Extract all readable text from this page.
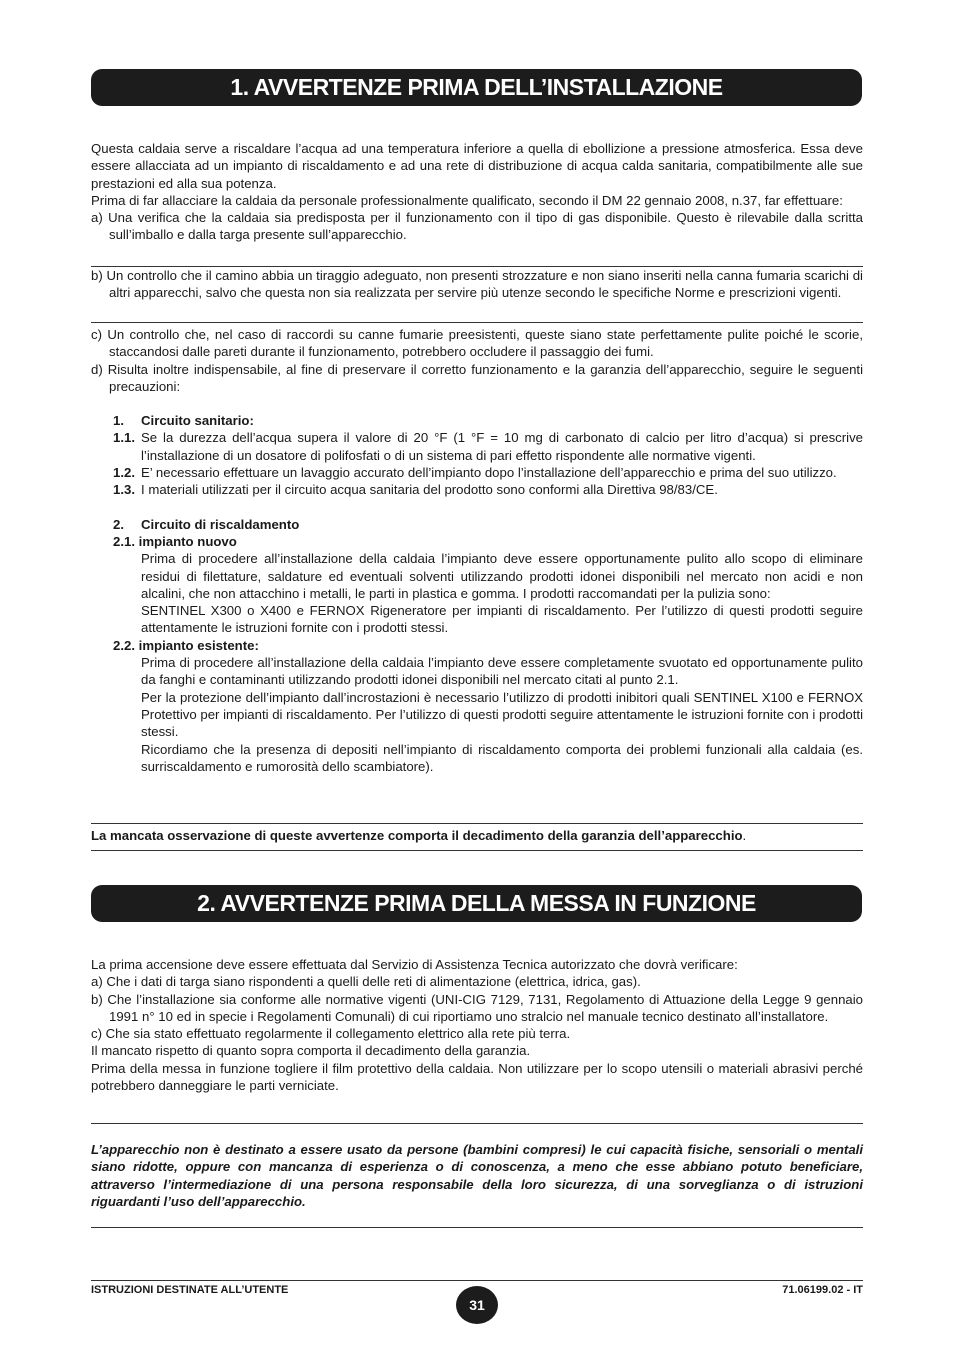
1. AVVERTENZE PRIMA DELL’INSTALLAZIONE

Questa caldaia serve a riscaldare l’acqua ad una temperatura inferiore a quella di ebollizione a pressione atmosferica. Essa deve essere allacciata ad un impianto di riscaldamento e ad una rete di distribuzione di acqua calda sanitaria, compatibilmente alle sue prestazioni ed alla sua potenza.

Prima di far allacciare la caldaia da personale professionalmente qualificato, secondo il DM 22 gennaio 2008, n.37, far effettuare:

a) Una verifica che la caldaia sia predisposta per il funzionamento con il tipo di gas disponibile. Questo è rilevabile dalla scritta sull’imballo e dalla targa presente sull’apparecchio.

b) Un controllo che il camino abbia un tiraggio adeguato, non presenti strozzature e non siano inseriti nella canna fumaria scarichi di altri apparecchi, salvo che questa non sia realizzata per servire più utenze secondo le specifiche Norme e prescrizioni vigenti.

c) Un controllo che, nel caso di raccordi su canne fumarie preesistenti, queste siano state perfettamente pulite poiché le scorie, staccandosi dalle pareti durante il funzionamento, potrebbero occludere il passaggio dei fumi.

d) Risulta inoltre indispensabile, al fine di preservare il corretto funzionamento e la garanzia dell’apparecchio, seguire le seguenti precauzioni:

1. Circuito sanitario:

1.1. Se la durezza dell’acqua supera il valore di 20 °F (1 °F = 10 mg di carbonato di calcio per litro d’acqua) si prescrive l’installazione di un dosatore di polifosfati o di un sistema di pari effetto rispondente alle normative vigenti.

1.2. E’ necessario effettuare un lavaggio accurato dell’impianto dopo l’installazione dell’apparecchio e prima del suo utilizzo.

1.3. I materiali utilizzati per il circuito acqua sanitaria del prodotto sono conformi alla Direttiva 98/83/CE.

2. Circuito di riscaldamento

2.1. impianto nuovo

Prima di procedere all’installazione della caldaia l’impianto deve essere opportunamente pulito allo scopo di eliminare residui di filettature, saldature ed eventuali solventi utilizzando prodotti idonei disponibili nel mercato non acidi e non alcalini, che non attacchino i metalli, le parti in plastica e gomma. I prodotti raccomandati per la pulizia sono:

SENTINEL X300 o X400 e FERNOX Rigeneratore per impianti di riscaldamento. Per l’utilizzo di questi prodotti seguire attentamente le istruzioni fornite con i prodotti stessi.

2.2. impianto esistente:

Prima di procedere all’installazione della caldaia l’impianto deve essere completamente svuotato ed opportunamente pulito da fanghi e contaminanti utilizzando prodotti idonei disponibili nel mercato citati al punto 2.1.

Per la protezione dell’impianto dall’incrostazioni è necessario l’utilizzo di prodotti inibitori quali SENTINEL X100 e FERNOX Protettivo per impianti di riscaldamento. Per l’utilizzo di questi prodotti seguire attentamente le istruzioni fornite con i prodotti stessi.

Ricordiamo che la presenza di depositi nell’impianto di riscaldamento comporta dei problemi funzionali alla caldaia (es. surriscaldamento e rumorosità dello scambiatore).

La mancata osservazione di queste avvertenze comporta il decadimento della garanzia dell’apparecchio.

2. AVVERTENZE PRIMA DELLA MESSA IN FUNZIONE

La prima accensione deve essere effettuata dal Servizio di Assistenza Tecnica autorizzato che dovrà verificare:

a) Che i dati di targa siano rispondenti a quelli delle reti di alimentazione (elettrica, idrica, gas).

b) Che l’installazione sia conforme alle normative vigenti (UNI-CIG 7129, 7131, Regolamento di Attuazione della Legge 9 gennaio 1991 n° 10 ed in specie i Regolamenti Comunali) di cui riportiamo uno stralcio nel manuale tecnico destinato all’installatore.

c) Che sia stato effettuato regolarmente il collegamento elettrico alla rete più terra.

Il mancato rispetto di quanto sopra comporta il decadimento della garanzia.

Prima della messa in funzione togliere il film protettivo della caldaia. Non utilizzare per lo scopo utensili o materiali abrasivi perché potrebbero danneggiare le parti verniciate.

L’apparecchio non è destinato a essere usato da persone (bambini compresi) le cui capacità fisiche, sensoriali o mentali siano ridotte, oppure con mancanza di esperienza o di conoscenza, a meno che esse abbiano potuto beneficiare, attraverso l’intermediazione di una persona responsabile della loro sicurezza, di una sorveglianza o di istruzioni riguardanti l’uso dell’apparecchio.

ISTRUZIONI DESTINATE ALL’UTENTE
31
71.06199.02 - IT
